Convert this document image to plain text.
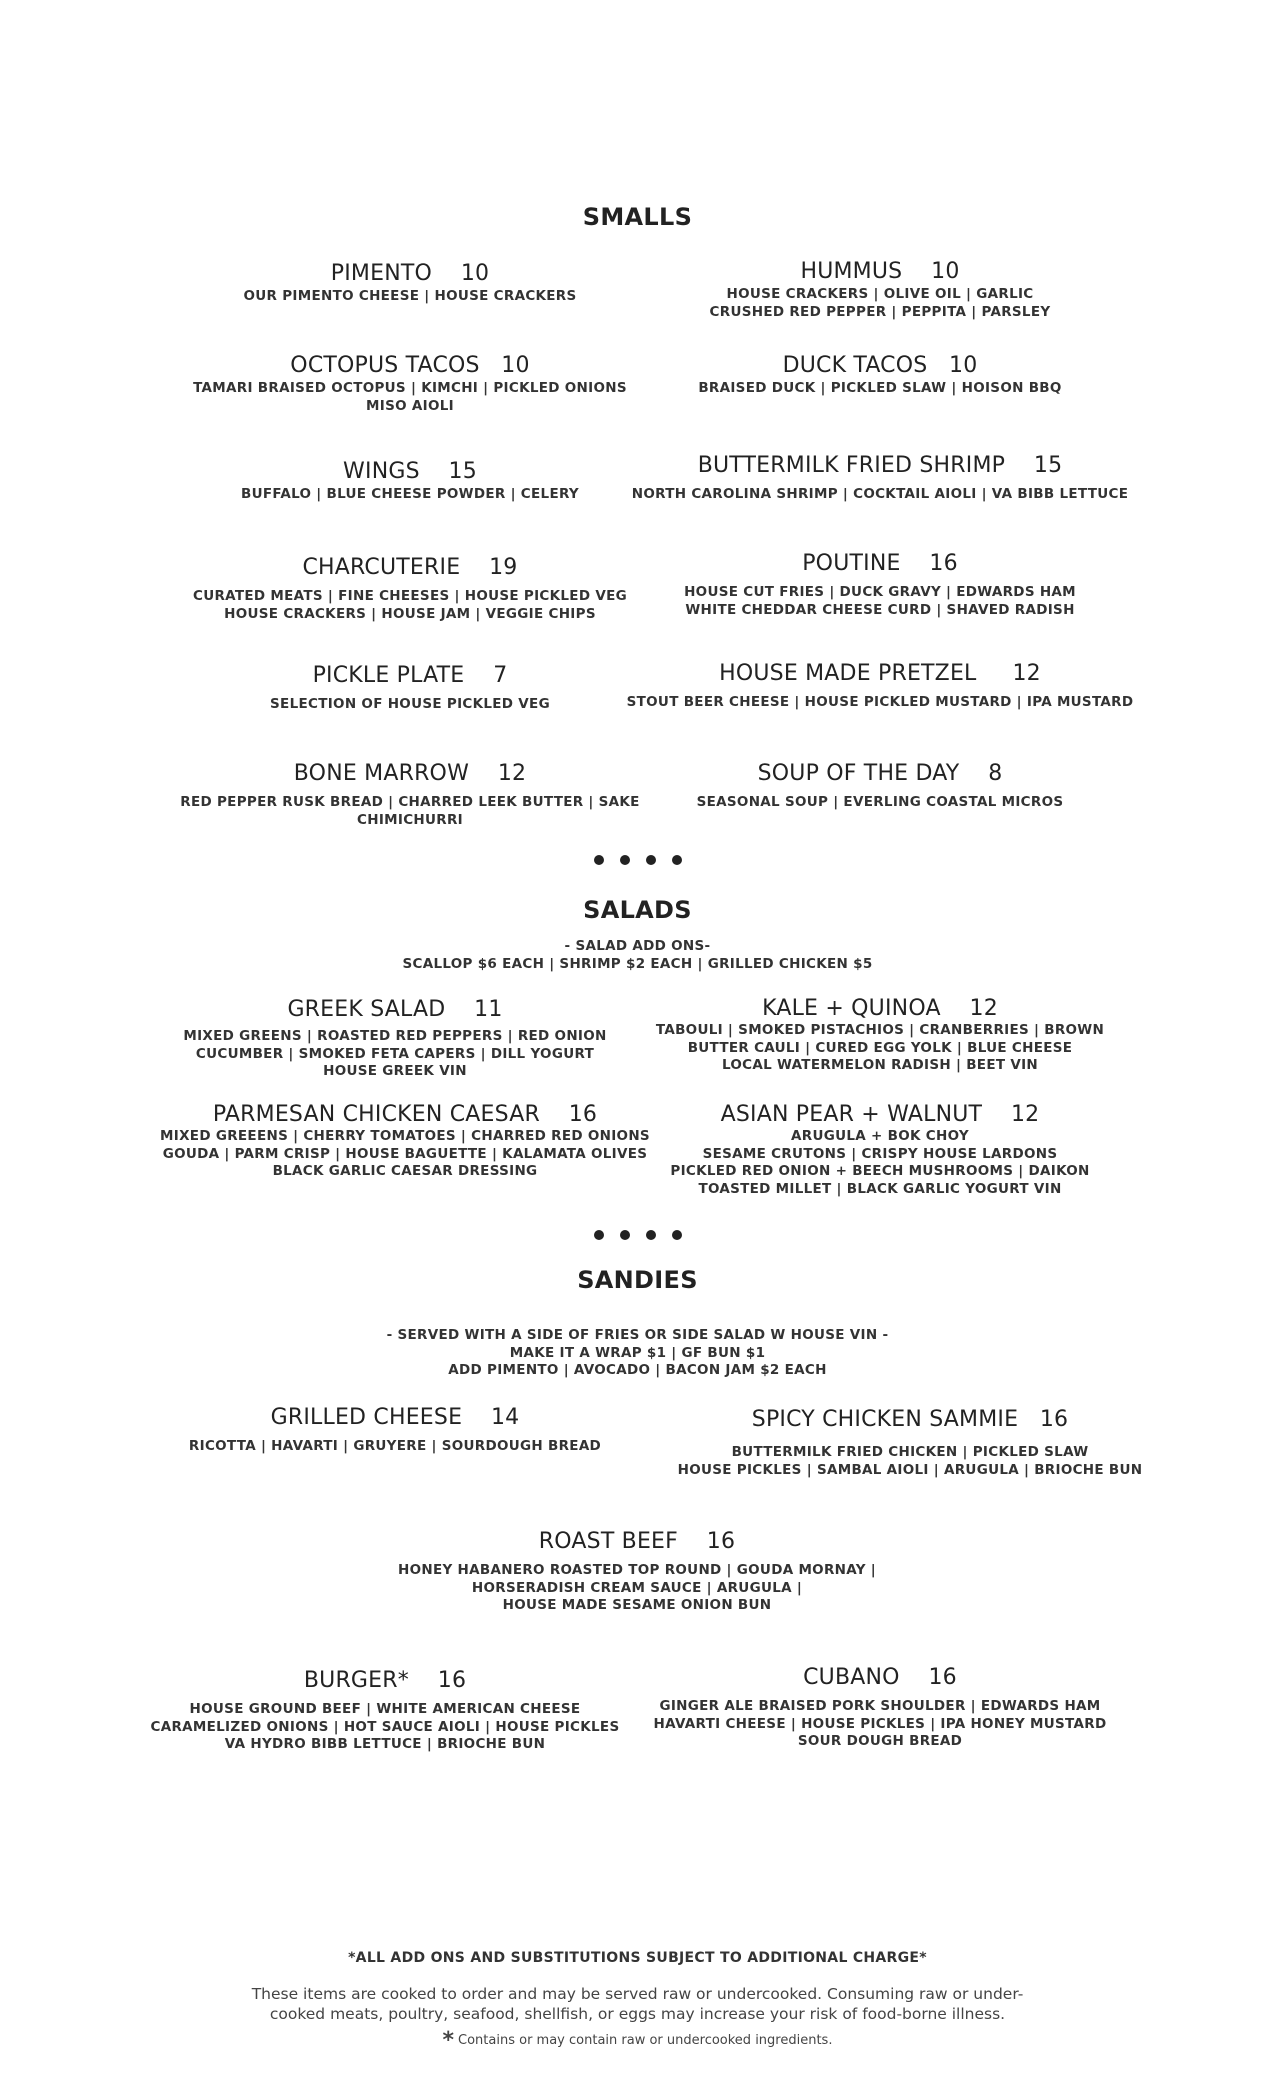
SMALLS
PIMENTO 10
OUR PIMENTO CHEESE | HOUSE CRACKERS
HUMMUS 10
HOUSE CRACKERS | OLIVE OIL | GARLIC
CRUSHED RED PEPPER | PEPPITA | PARSLEY
OCTOPUS TACOS 10
TAMARI BRAISED OCTOPUS | KIMCHI | PICKLED ONIONS
MISO AIOLI
DUCK TACOS 10
BRAISED DUCK | PICKLED SLAW | HOISON BBQ
WINGS 15
BUFFALO | BLUE CHEESE POWDER | CELERY
BUTTERMILK FRIED SHRIMP 15
NORTH CAROLINA SHRIMP | COCKTAIL AIOLI | VA BIBB LETTUCE
CHARCUTERIE 19
CURATED MEATS | FINE CHEESES | HOUSE PICKLED VEG
HOUSE CRACKERS | HOUSE JAM | VEGGIE CHIPS
POUTINE 16
HOUSE CUT FRIES | DUCK GRAVY | EDWARDS HAM
WHITE CHEDDAR CHEESE CURD | SHAVED RADISH
PICKLE PLATE 7
SELECTION OF HOUSE PICKLED VEG
HOUSE MADE PRETZEL 12
STOUT BEER CHEESE | HOUSE PICKLED MUSTARD | IPA MUSTARD
BONE MARROW 12
RED PEPPER RUSK BREAD | CHARRED LEEK BUTTER | SAKE
CHIMICHURRI
SOUP OF THE DAY 8
SEASONAL SOUP | EVERLING COASTAL MICROS
SALADS
- SALAD ADD ONS-
SCALLOP $6 EACH | SHRIMP $2 EACH | GRILLED CHICKEN $5
GREEK SALAD 11
MIXED GREENS | ROASTED RED PEPPERS | RED ONION
CUCUMBER | SMOKED FETA CAPERS | DILL YOGURT
HOUSE GREEK VIN
KALE + QUINOA 12
TABOULI | SMOKED PISTACHIOS | CRANBERRIES | BROWN
BUTTER CAULI | CURED EGG YOLK | BLUE CHEESE
LOCAL WATERMELON RADISH | BEET VIN
PARMESAN CHICKEN CAESAR 16
MIXED GREEENS | CHERRY TOMATOES | CHARRED RED ONIONS
GOUDA | PARM CRISP | HOUSE BAGUETTE | KALAMATA OLIVES
BLACK GARLIC CAESAR DRESSING
ASIAN PEAR + WALNUT 12
ARUGULA + BOK CHOY
SESAME CRUTONS | CRISPY HOUSE LARDONS
PICKLED RED ONION + BEECH MUSHROOMS | DAIKON
TOASTED MILLET | BLACK GARLIC YOGURT VIN
SANDIES
- SERVED WITH A SIDE OF FRIES OR SIDE SALAD W HOUSE VIN -
MAKE IT A WRAP $1 | GF BUN $1
ADD PIMENTO | AVOCADO | BACON JAM $2 EACH
GRILLED CHEESE 14
RICOTTA | HAVARTI | GRUYERE | SOURDOUGH BREAD
SPICY CHICKEN SAMMIE 16
BUTTERMILK FRIED CHICKEN | PICKLED SLAW
HOUSE PICKLES | SAMBAL AIOLI | ARUGULA | BRIOCHE BUN
ROAST BEEF 16
HONEY HABANERO ROASTED TOP ROUND | GOUDA MORNAY |
HORSERADISH CREAM SAUCE | ARUGULA |
HOUSE MADE SESAME ONION BUN
BURGER* 16
HOUSE GROUND BEEF | WHITE AMERICAN CHEESE
CARAMELIZED ONIONS | HOT SAUCE AIOLI | HOUSE PICKLES
VA HYDRO BIBB LETTUCE | BRIOCHE BUN
CUBANO 16
GINGER ALE BRAISED PORK SHOULDER | EDWARDS HAM
HAVARTI CHEESE | HOUSE PICKLES | IPA HONEY MUSTARD
SOUR DOUGH BREAD
*ALL ADD ONS AND SUBSTITUTIONS SUBJECT TO ADDITIONAL CHARGE*
These items are cooked to order and may be served raw or undercooked. Consuming raw or under-
cooked meats, poultry, seafood, shellfish, or eggs may increase your risk of food-borne illness.
* Contains or may contain raw or undercooked ingredients.
